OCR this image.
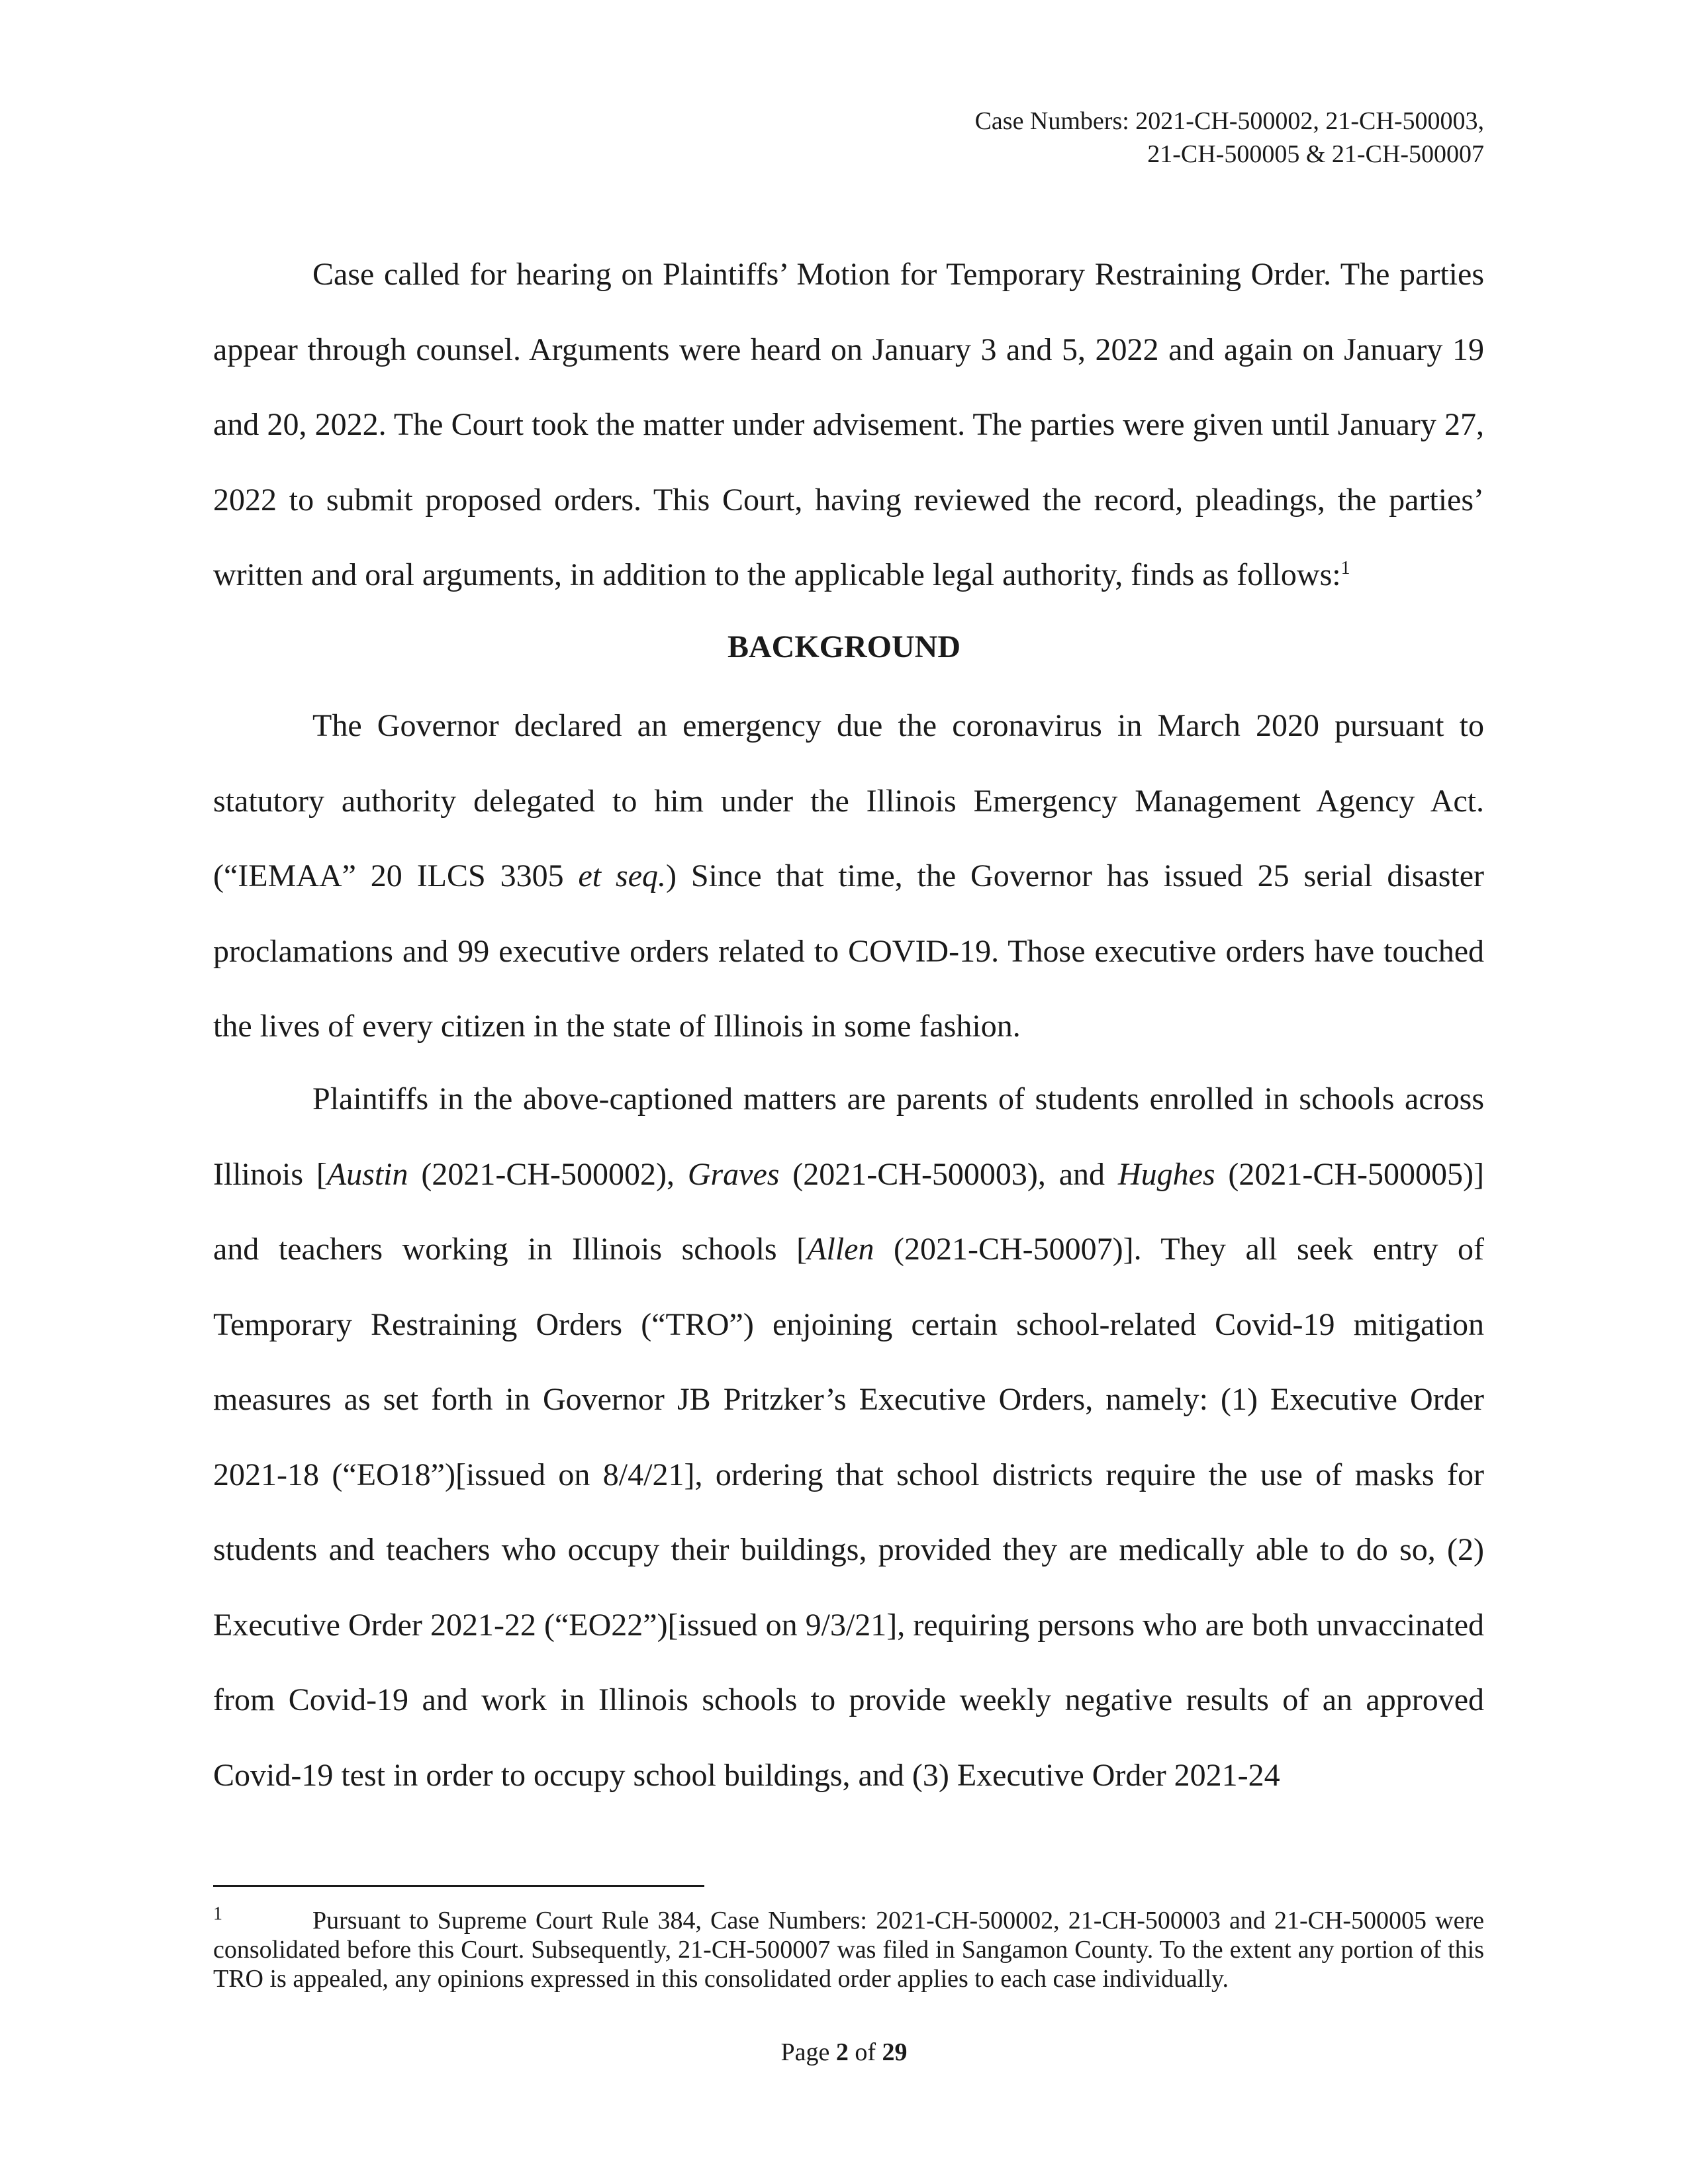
Case Numbers: 2021-CH-500002, 21-CH-500003,
21-CH-500005 & 21-CH-500007
Case called for hearing on Plaintiffs’ Motion for Temporary Restraining Order. The parties appear through counsel. Arguments were heard on January 3 and 5, 2022 and again on January 19 and 20, 2022. The Court took the matter under advisement. The parties were given until January 27, 2022 to submit proposed orders. This Court, having reviewed the record, pleadings, the parties’ written and oral arguments, in addition to the applicable legal authority, finds as follows:$^1$
BACKGROUND
The Governor declared an emergency due the coronavirus in March 2020 pursuant to statutory authority delegated to him under the Illinois Emergency Management Agency Act. (“IEMAA” 20 ILCS 3305 et seq.) Since that time, the Governor has issued 25 serial disaster proclamations and 99 executive orders related to COVID-19. Those executive orders have touched the lives of every citizen in the state of Illinois in some fashion.
Plaintiffs in the above-captioned matters are parents of students enrolled in schools across Illinois [Austin (2021-CH-500002), Graves (2021-CH-500003), and Hughes (2021-CH-500005)] and teachers working in Illinois schools [Allen (2021-CH-50007)]. They all seek entry of Temporary Restraining Orders (“TRO”) enjoining certain school-related Covid-19 mitigation measures as set forth in Governor JB Pritzker’s Executive Orders, namely: (1) Executive Order 2021-18 (“EO18”)[issued on 8/4/21], ordering that school districts require the use of masks for students and teachers who occupy their buildings, provided they are medically able to do so, (2) Executive Order 2021-22 (“EO22”)[issued on 9/3/21], requiring persons who are both unvaccinated from Covid-19 and work in Illinois schools to provide weekly negative results of an approved Covid-19 test in order to occupy school buildings, and (3) Executive Order 2021-24
$^1$	Pursuant to Supreme Court Rule 384, Case Numbers: 2021-CH-500002, 21-CH-500003 and 21-CH-500005 were consolidated before this Court. Subsequently, 21-CH-500007 was filed in Sangamon County. To the extent any portion of this TRO is appealed, any opinions expressed in this consolidated order applies to each case individually.
Page 2 of 29
